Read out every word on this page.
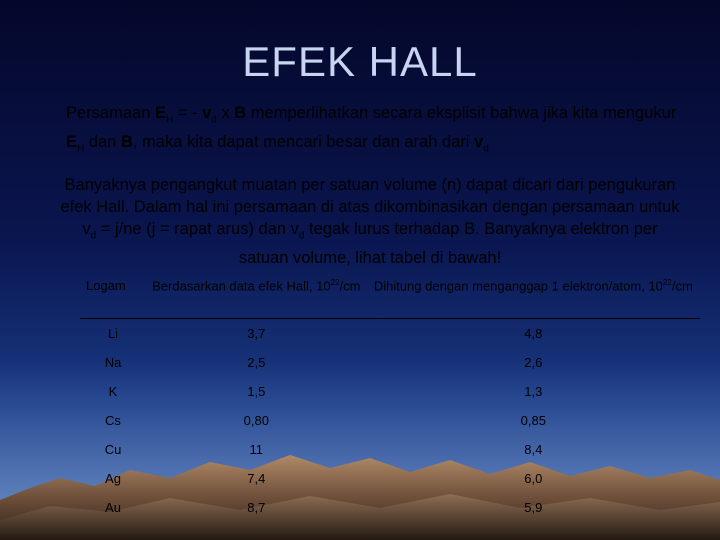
EFEK HALL
Persamaan $E_H$ = - $v_d$ x B memperlihatkan secara eksplisit bahwa jika kita mengukur $E_H$ dan B, maka kita dapat mencari besar dan arah dari $v_d$
Banyaknya pengangkut muatan per satuan volume (n) dapat dicari dari pengukuran efek Hall. Dalam hal ini persamaan di atas dikombinasikan dengan persamaan untuk $v_d = j/ne$ (j = rapat arus) dan $v_d$ tegak lurus terhadap B. Banyaknya elektron per satuan volume, lihat tabel di bawah!
Logam	Berdasarkan data efek Hall, $10^{22}/cm$	Dihitung dengan menganggap 1 elektron/atom, $10^{22}/cm$
Li	3,7	4,8
Na	2,5	2,6
K	1,5	1,3
Cs	0,80	0,85
Cu	11	8,4
Ag	7,4	6,0
Au	8,7	5,9
